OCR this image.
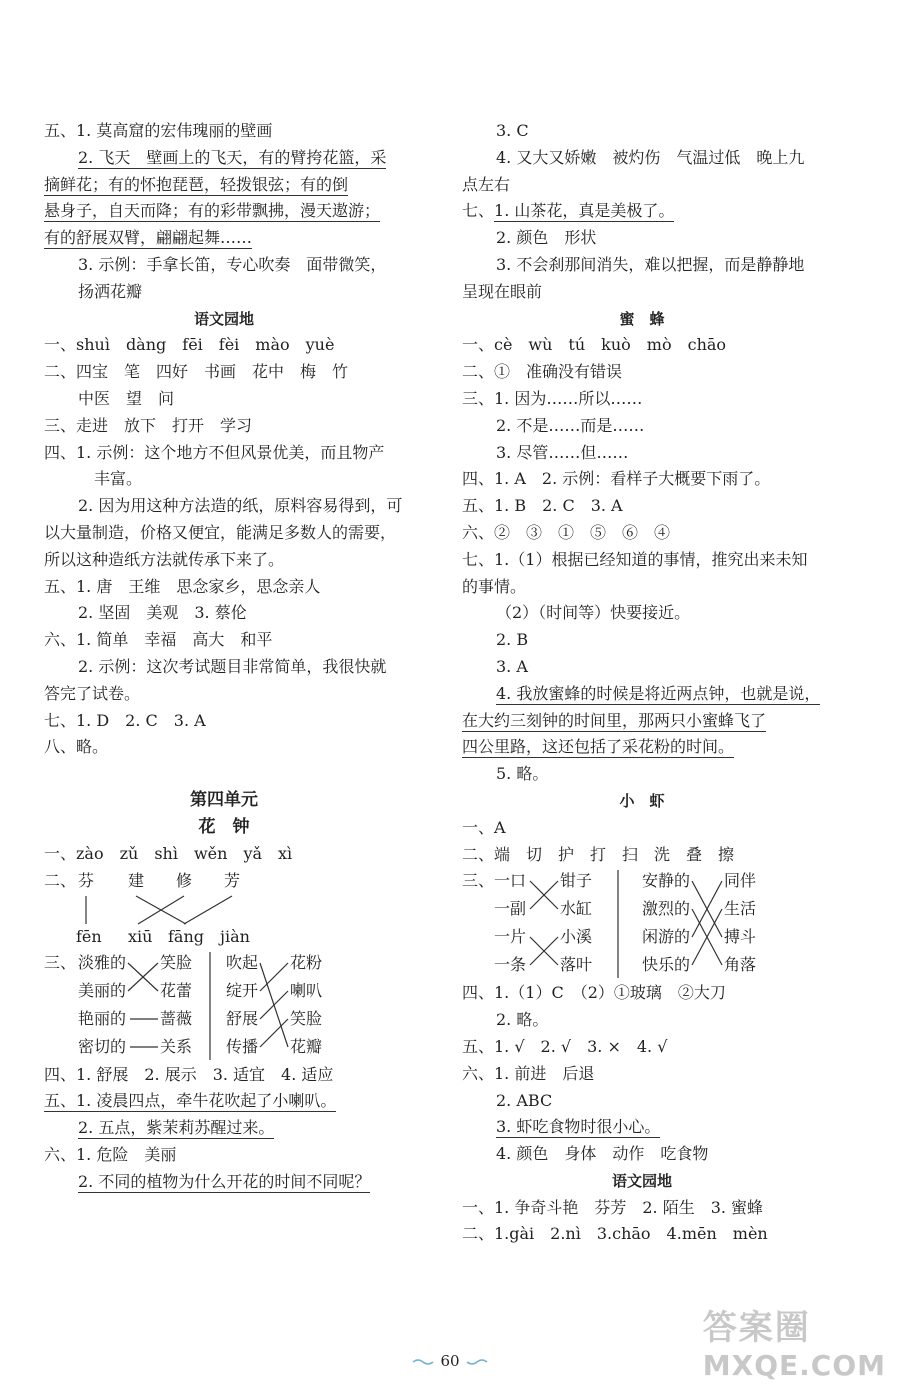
五、1. 莫高窟的宏伟瑰丽的壁画
2. 飞天　壁画上的飞天，有的臂挎花篮，采
摘鲜花；有的怀抱琵琶，轻拨银弦；有的倒
悬身子，自天而降；有的彩带飘拂，漫天遨游；
有的舒展双臂，翩翩起舞……
3. 示例：手拿长笛，专心吹奏　面带微笑，
扬洒花瓣
语文园地
一、shuì　dàng　fēi　fèi　mào　yuè
二、四宝　笔　四好　书画　花中　梅　竹
中医　望　问
三、走进　放下　打开　学习
四、1. 示例：这个地方不但风景优美，而且物产
丰富。
2. 因为用这种方法造的纸，原料容易得到，可
以大量制造，价格又便宜，能满足多数人的需要，
所以这种造纸方法就传承下来了。
五、1. 唐　王维　思念家乡，思念亲人
2. 坚固　美观　3. 蔡伦
六、1. 简单　幸福　高大　和平
2. 示例：这次考试题目非常简单，我很快就
答完了试卷。
七、1. D　2. C　3. A
八、略。
第四单元
花　钟
一、zào　zǔ　shì　wěn　yǎ　xì
二、 芬 建 修 芳
fēn xiū fāng jiàn
三、 淡雅的
美丽的
艳丽的
密切的
笑脸
花蕾
蔷薇
关系
吹起
绽开
舒展
传播
花粉
喇叭
笑脸
花瓣
四、1. 舒展　2. 展示　3. 适宜　4. 适应
五、1. 凌晨四点，牵牛花吹起了小喇叭。
2. 五点，紫茉莉苏醒过来。
六、1. 危险　美丽
2. 不同的植物为什么开花的时间不同呢？
3. C
4. 又大又娇嫩　被灼伤　气温过低　晚上九
点左右
七、1. 山茶花，真是美极了。
2. 颜色　形状
3. 不会刹那间消失，难以把握，而是静静地
呈现在眼前
蜜　蜂
一、cè　wù　tú　kuò　mò　chāo
二、①　准确没有错误
三、1. 因为……所以……
2. 不是……而是……
3. 尽管……但……
四、1. A　2. 示例：看样子大概要下雨了。
五、1. B　2. C　3. A
六、②　③　①　⑤　⑥　④
七、1.（1）根据已经知道的事情，推究出来未知
的事情。
（2）（时间等）快要接近。
2. B
3. A
4. 我放蜜蜂的时候是将近两点钟，也就是说，
在大约三刻钟的时间里，那两只小蜜蜂飞了
四公里路，这还包括了采花粉的时间。
5. 略。
小　虾
一、A
二、端　切　护　打　扫　洗　叠　擦
三、 一口
一副
一片
一条
钳子
水缸
小溪
落叶
安静的
激烈的
闲游的
快乐的
同伴
生活
搏斗
角落
四、1.（1）C　（2）①玻璃　②大刀
2. 略。
五、1. √　2. √　3. ×　4. √
六、1. 前进　后退
2. ABC
3. 虾吃食物时很小心。
4. 颜色　身体　动作　吃食物
语文园地
一、1. 争奇斗艳　芬芳　2. 陌生　3. 蜜蜂
二、1.gài　2.nì　3.chāo　4.mēn　mèn
60
答案圈
MXQE.COM
